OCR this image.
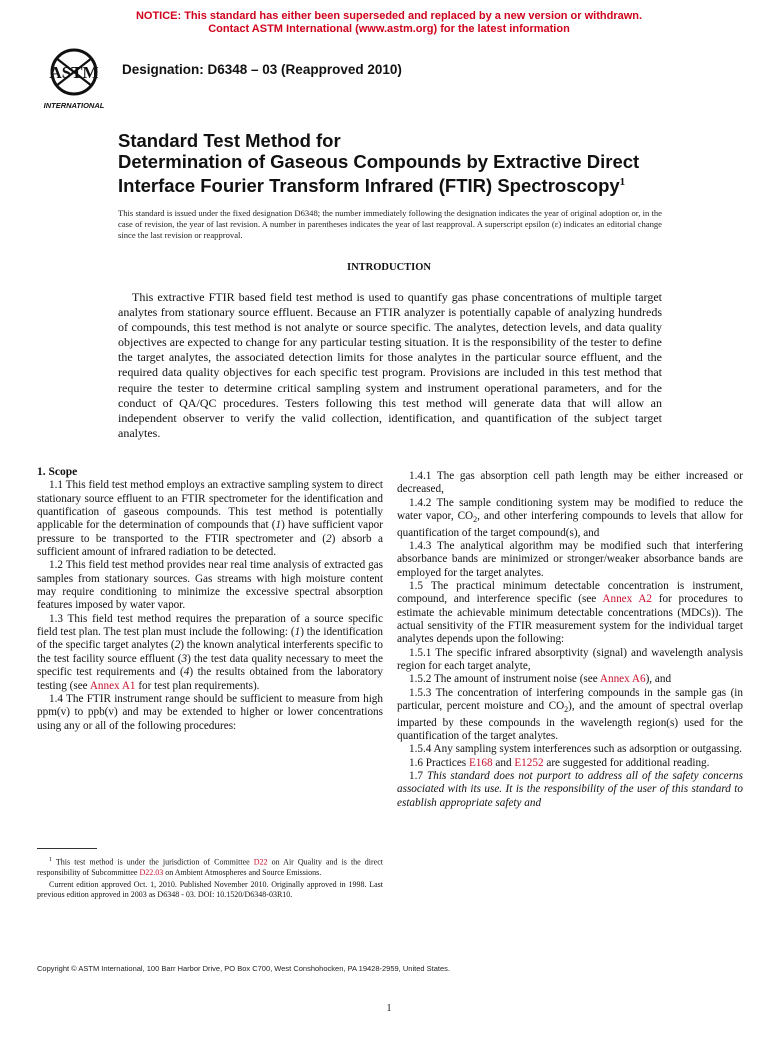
NOTICE: This standard has either been superseded and replaced by a new version or withdrawn.
Contact ASTM International (www.astm.org) for the latest information
ASTM
INTERNATIONAL
Designation: D6348 – 03 (Reapproved 2010)
Standard Test Method for
Determination of Gaseous Compounds by Extractive Direct
Interface Fourier Transform Infrared (FTIR) Spectroscopy$^1$
This standard is issued under the fixed designation D6348; the number immediately following the designation indicates the year of original adoption or, in the case of revision, the year of last revision. A number in parentheses indicates the year of last reapproval. A superscript epsilon (ε) indicates an editorial change since the last revision or reapproval.
INTRODUCTION

This extractive FTIR based field test method is used to quantify gas phase concentrations of multiple target analytes from stationary source effluent. Because an FTIR analyzer is potentially capable of analyzing hundreds of compounds, this test method is not analyte or source specific. The analytes, detection levels, and data quality objectives are expected to change for any particular testing situation. It is the responsibility of the tester to define the target analytes, the associated detection limits for those analytes in the particular source effluent, and the required data quality objectives for each specific test program. Provisions are included in this test method that require the tester to determine critical sampling system and instrument operational parameters, and for the conduct of QA/QC procedures. Testers following this test method will generate data that will allow an independent observer to verify the valid collection, identification, and quantification of the subject target analytes.

1. Scope

1.1 This field test method employs an extractive sampling system to direct stationary source effluent to an FTIR spectrometer for the identification and quantification of gaseous compounds. This test method is potentially applicable for the determination of compounds that (1) have sufficient vapor pressure to be transported to the FTIR spectrometer and (2) absorb a sufficient amount of infrared radiation to be detected.

1.2 This field test method provides near real time analysis of extracted gas samples from stationary sources. Gas streams with high moisture content may require conditioning to minimize the excessive spectral absorption features imposed by water vapor.

1.3 This field test method requires the preparation of a source specific field test plan. The test plan must include the following: (1) the identification of the specific target analytes (2) the known analytical interferents specific to the test facility source effluent (3) the test data quality necessary to meet the specific test requirements and (4) the results obtained from the laboratory testing (see Annex A1 for test plan requirements).

1.4 The FTIR instrument range should be sufficient to measure from high ppm(v) to ppb(v) and may be extended to higher or lower concentrations using any or all of the following procedures:

$^1$ This test method is under the jurisdiction of Committee D22 on Air Quality and is the direct responsibility of Subcommittee D22.03 on Ambient Atmospheres and Source Emissions.

Current edition approved Oct. 1, 2010. Published November 2010. Originally approved in 1998. Last previous edition approved in 2003 as D6348 - 03. DOI: 10.1520/D6348-03R10.

1.4.1 The gas absorption cell path length may be either increased or decreased,

1.4.2 The sample conditioning system may be modified to reduce the water vapor, $CO_2$, and other interfering compounds to levels that allow for quantification of the target compound(s), and

1.4.3 The analytical algorithm may be modified such that interfering absorbance bands are minimized or stronger/weaker absorbance bands are employed for the target analytes.

1.5 The practical minimum detectable concentration is instrument, compound, and interference specific (see Annex A2 for procedures to estimate the achievable minimum detectable concentrations (MDCs)). The actual sensitivity of the FTIR measurement system for the individual target analytes depends upon the following:

1.5.1 The specific infrared absorptivity (signal) and wavelength analysis region for each target analyte,

1.5.2 The amount of instrument noise (see Annex A6), and

1.5.3 The concentration of interfering compounds in the sample gas (in particular, percent moisture and $CO_2$), and the amount of spectral overlap imparted by these compounds in the wavelength region(s) used for the quantification of the target analytes.

1.5.4 Any sampling system interferences such as adsorption or outgassing.

1.6 Practices E168 and E1252 are suggested for additional reading.

1.7 This standard does not purport to address all of the safety concerns associated with its use. It is the responsibility of the user of this standard to establish appropriate safety and

Copyright © ASTM International, 100 Barr Harbor Drive, PO Box C700, West Conshohocken, PA 19428-2959, United States.
1
